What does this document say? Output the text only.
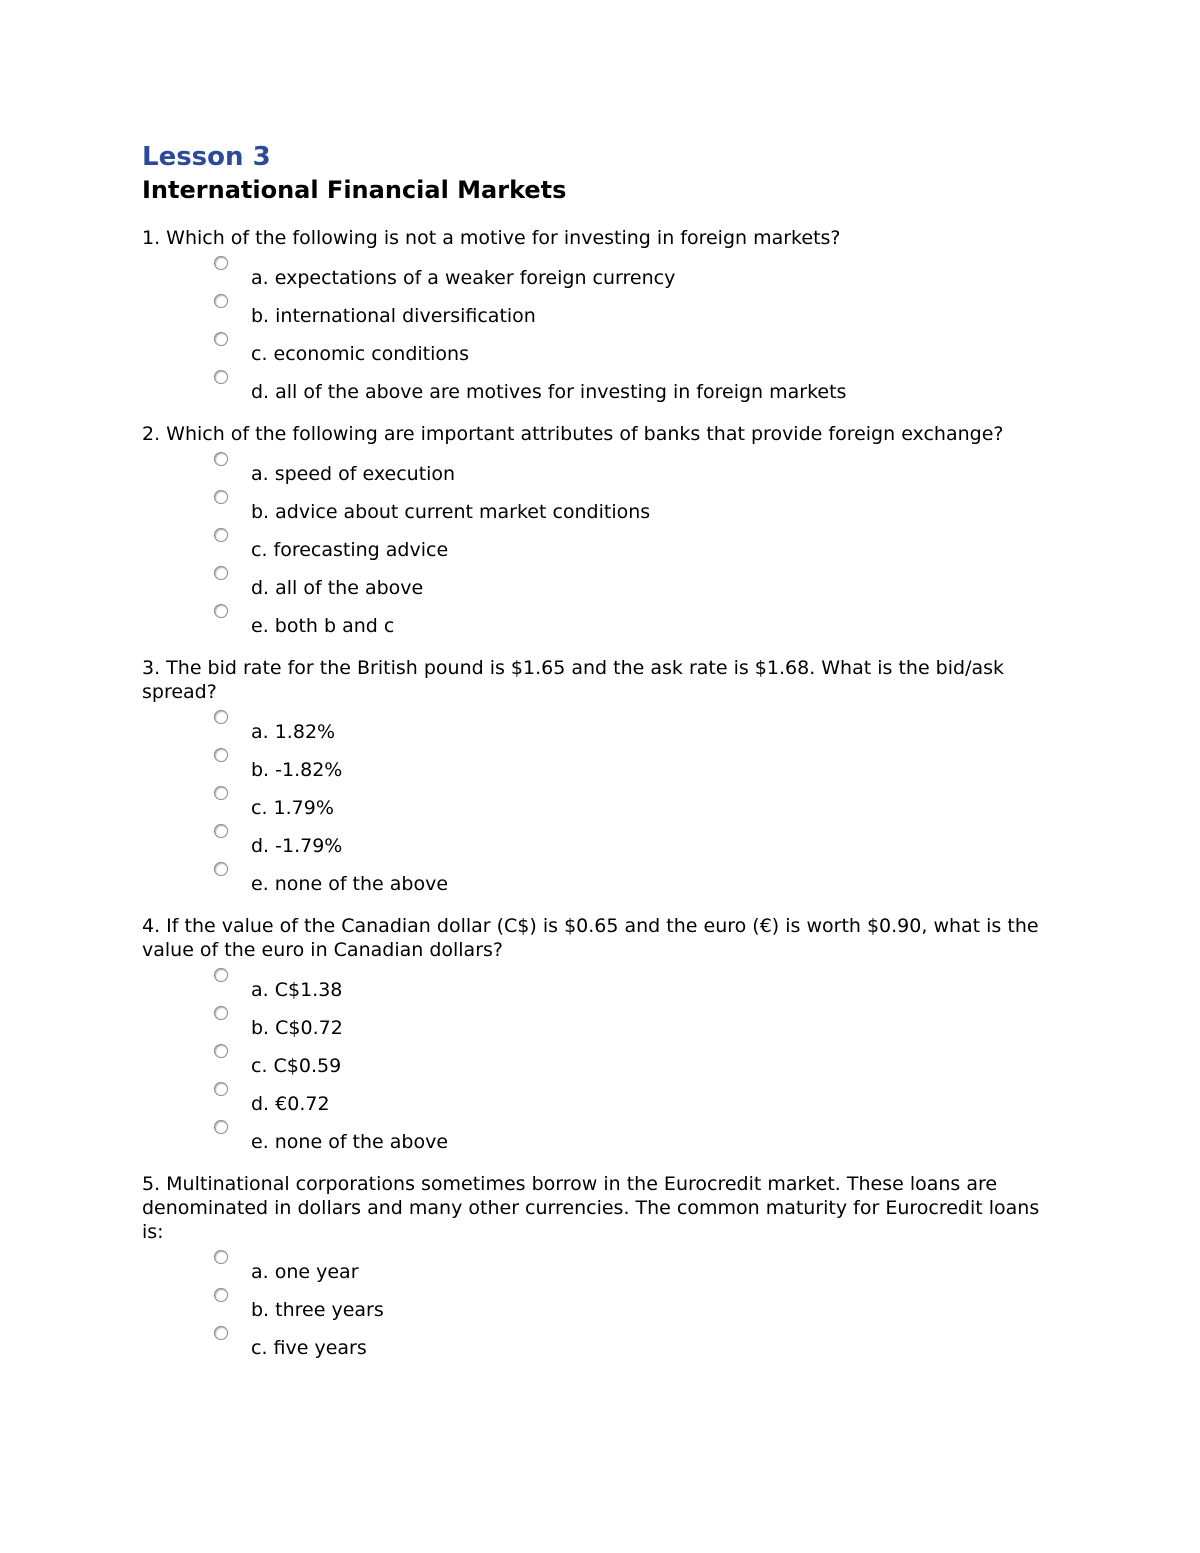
Lesson 3
International Financial Markets

1. Which of the following is not a motive for investing in foreign markets?

a. expectations of a weaker foreign currency
b. international diversification
c. economic conditions
d. all of the above are motives for investing in foreign markets

2. Which of the following are important attributes of banks that provide foreign exchange?

a. speed of execution
b. advice about current market conditions
c. forecasting advice
d. all of the above
e. both b and c

3. The bid rate for the British pound is $1.65 and the ask rate is $1.68. What is the bid/ask spread?

a. 1.82%
b. -1.82%
c. 1.79%
d. -1.79%
e. none of the above

4. If the value of the Canadian dollar (C$) is $0.65 and the euro (€) is worth $0.90, what is the value of the euro in Canadian dollars?

a. C$1.38
b. C$0.72
c. C$0.59
d. €0.72
e. none of the above

5. Multinational corporations sometimes borrow in the Eurocredit market. These loans are denominated in dollars and many other currencies. The common maturity for Eurocredit loans is:

a. one year
b. three years
c. five years
